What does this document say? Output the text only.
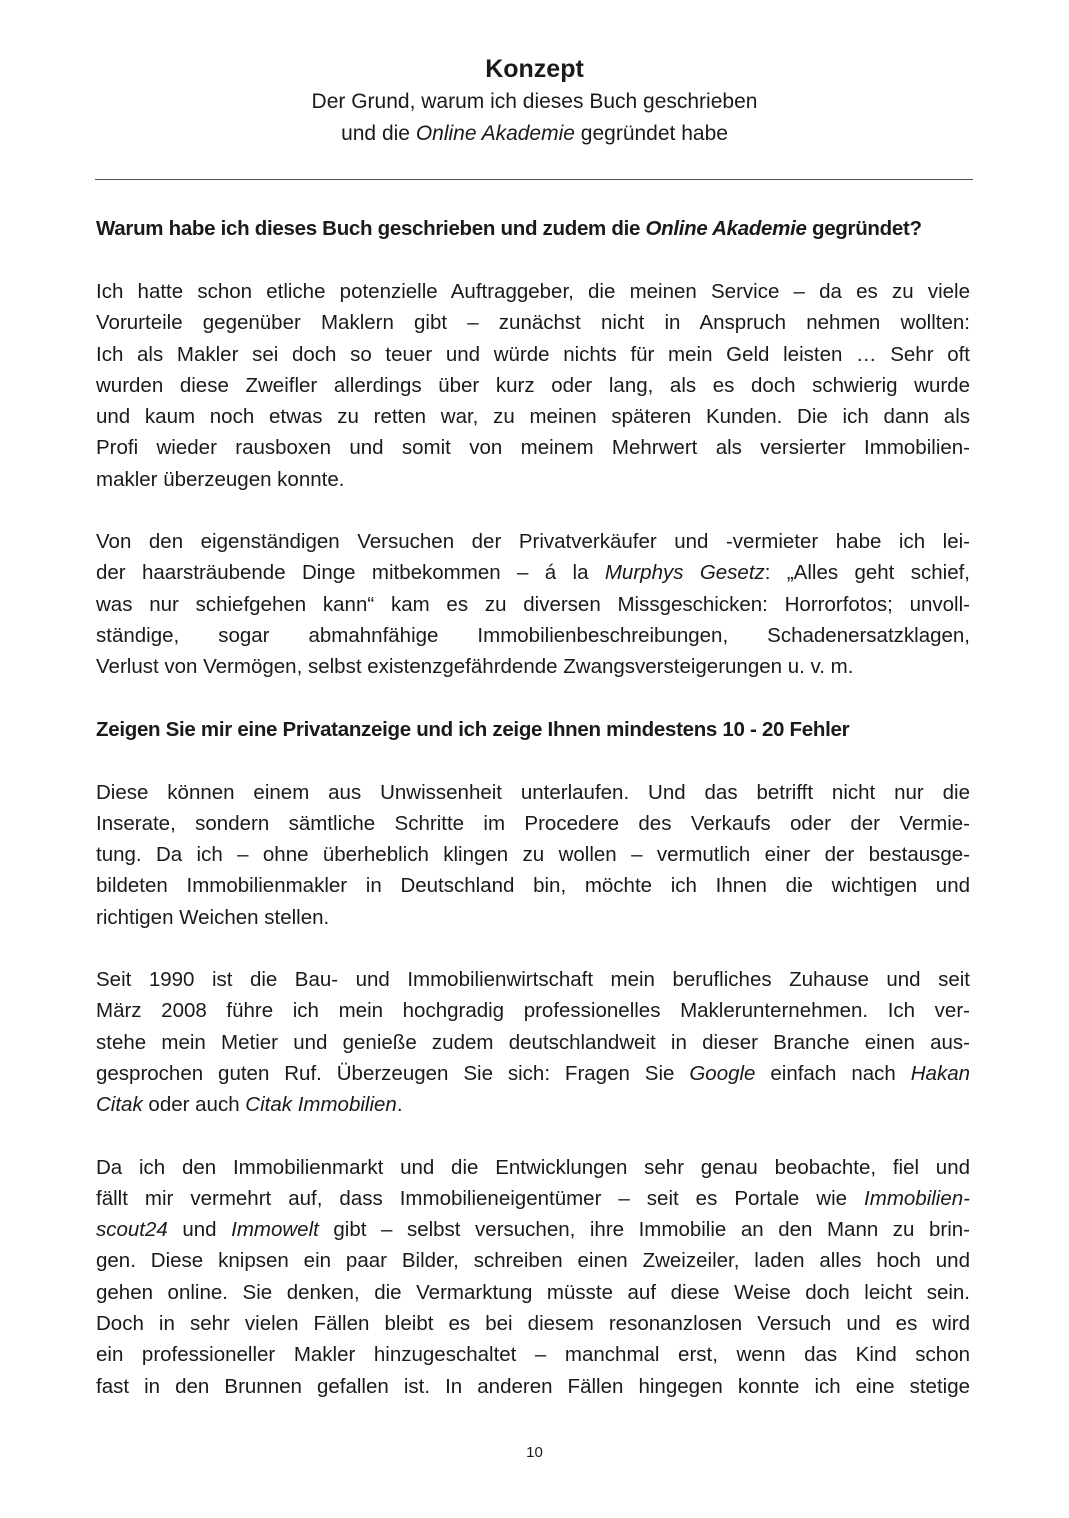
Konzept

Der Grund, warum ich dieses Buch geschrieben

und die Online Akademie gegründet habe

Warum habe ich dieses Buch geschrieben und zudem die Online Akademie gegründet?

Ich hatte schon etliche potenzielle Auftraggeber, die meinen Service – da es zu viele
Vorurteile gegenüber Maklern gibt – zunächst nicht in Anspruch nehmen wollten:
Ich als Makler sei doch so teuer und würde nichts für mein Geld leisten … Sehr oft
wurden diese Zweifler allerdings über kurz oder lang, als es doch schwierig wurde
und kaum noch etwas zu retten war, zu meinen späteren Kunden. Die ich dann als
Profi wieder rausboxen und somit von meinem Mehrwert als versierter Immobilien-
makler überzeugen konnte.

Von den eigenständigen Versuchen der Privatverkäufer und -vermieter habe ich lei-
der haarsträubende Dinge mitbekommen – á la Murphys Gesetz: „Alles geht schief,
was nur schiefgehen kann“ kam es zu diversen Missgeschicken: Horrorfotos; unvoll-
ständige, sogar abmahnfähige Immobilienbeschreibungen, Schadenersatzklagen,
Verlust von Vermögen, selbst existenzgefährdende Zwangsversteigerungen u. v. m.

Zeigen Sie mir eine Privatanzeige und ich zeige Ihnen mindestens 10 - 20 Fehler

Diese können einem aus Unwissenheit unterlaufen. Und das betrifft nicht nur die
Inserate, sondern sämtliche Schritte im Procedere des Verkaufs oder der Vermie-
tung. Da ich – ohne überheblich klingen zu wollen – vermutlich einer der bestausge-
bildeten Immobilienmakler in Deutschland bin, möchte ich Ihnen die wichtigen und
richtigen Weichen stellen.

Seit 1990 ist die Bau- und Immobilienwirtschaft mein berufliches Zuhause und seit
März 2008 führe ich mein hochgradig professionelles Maklerunternehmen. Ich ver-
stehe mein Metier und genieße zudem deutschlandweit in dieser Branche einen aus-
gesprochen guten Ruf. Überzeugen Sie sich: Fragen Sie Google einfach nach Hakan
Citak oder auch Citak Immobilien.

Da ich den Immobilienmarkt und die Entwicklungen sehr genau beobachte, fiel und
fällt mir vermehrt auf, dass Immobilieneigentümer – seit es Portale wie Immobilien-
scout24 und Immowelt gibt – selbst versuchen, ihre Immobilie an den Mann zu brin-
gen. Diese knipsen ein paar Bilder, schreiben einen Zweizeiler, laden alles hoch und
gehen online. Sie denken, die Vermarktung müsste auf diese Weise doch leicht sein.
Doch in sehr vielen Fällen bleibt es bei diesem resonanzlosen Versuch und es wird
ein professioneller Makler hinzugeschaltet – manchmal erst, wenn das Kind schon
fast in den Brunnen gefallen ist. In anderen Fällen hingegen konnte ich eine stetige

10
